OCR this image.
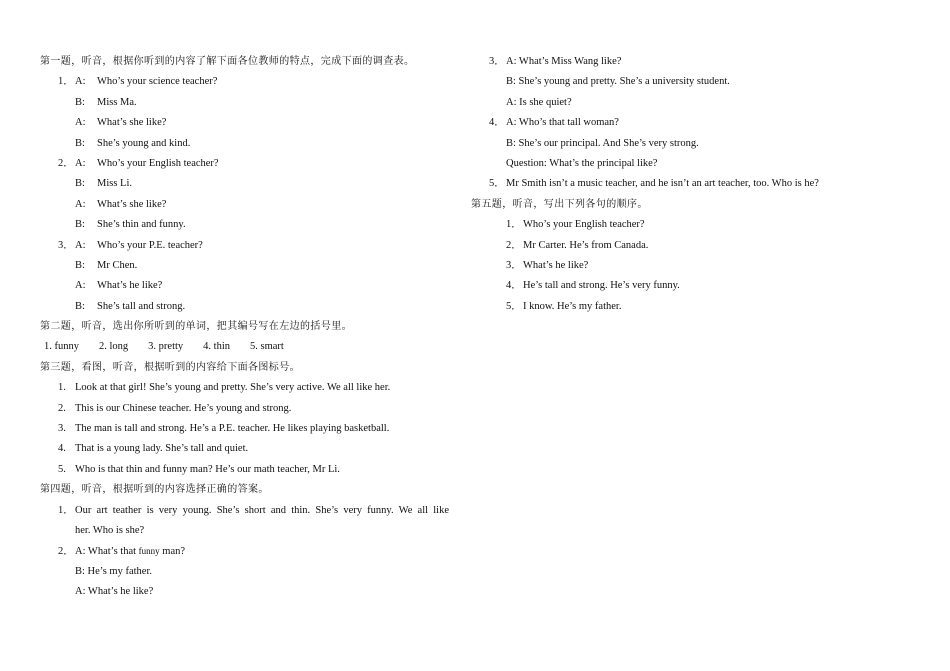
第一题，听音，根据你听到的内容了解下面各位教师的特点，完成下面的调查表。
1．A: Who’s your science teacher?
B: Miss Ma.
A: What’s she like?
B: She’s young and kind.
2．A: Who’s your English teacher?
B: Miss Li.
A: What’s she like?
B: She’s thin and funny.
3．A: Who’s your P.E. teacher?
B: Mr Chen.
A: What’s he like?
B: She’s tall and strong.
第二题，听音，选出你所听到的单词，把其编号写在左边的括号里。
1. funny 2. long 3. pretty 4. thin 5. smart
第三题，看图，听音，根据听到的内容给下面各图标号。
1. Look at that girl! She’s young and pretty. She’s very active. We all like her.
2. This is our Chinese teacher. He’s young and strong.
3. The man is tall and strong. He’s a P.E. teacher. He likes playing basketball.
4. That is a young lady. She’s tall and quiet.
5. Who is that thin and funny man? He’s our math teacher, Mr Li.
第四题，听音，根据听到的内容选择正确的答案。
1．Our art teather is very young. She’s short and thin. She’s very funny. We all like
her. Who is she?
2．A: What’s that funny man?
B: He’s my father.
A: What’s he like?
3．A: What’s Miss Wang like?
B: She’s young and pretty. She’s a university student.
A: Is she quiet?
4．A: Who’s that tall woman?
B: She’s our principal. And She’s very strong.
Question: What’s the principal like?
5．Mr Smith isn’t a music teacher, and he isn’t an art teacher, too. Who is he?
第五题，听音，写出下列各句的顺序。
1．Who’s your English teacher?
2．Mr Carter. He’s from Canada.
3．What’s he like?
4．He’s tall and strong. He’s very funny.
5．I know. He’s my father.
